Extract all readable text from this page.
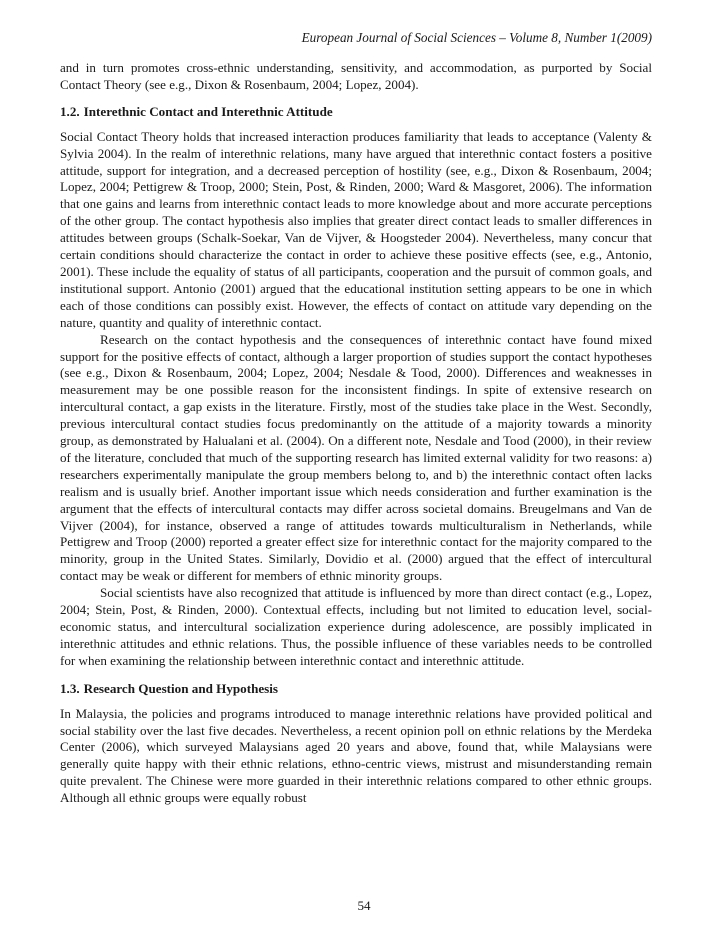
European Journal of Social Sciences – Volume 8, Number 1(2009)

and in turn promotes cross-ethnic understanding, sensitivity, and accommodation, as purported by Social Contact Theory (see e.g., Dixon & Rosenbaum, 2004; Lopez, 2004).

1.2. Interethnic Contact and Interethnic Attitude

Social Contact Theory holds that increased interaction produces familiarity that leads to acceptance (Valenty & Sylvia 2004). In the realm of interethnic relations, many have argued that interethnic contact fosters a positive attitude, support for integration, and a decreased perception of hostility (see, e.g., Dixon & Rosenbaum, 2004; Lopez, 2004; Pettigrew & Troop, 2000; Stein, Post, & Rinden, 2000; Ward & Masgoret, 2006). The information that one gains and learns from interethnic contact leads to more knowledge about and more accurate perceptions of the other group. The contact hypothesis also implies that greater direct contact leads to smaller differences in attitudes between groups (Schalk-Soekar, Van de Vijver, & Hoogsteder 2004). Nevertheless, many concur that certain conditions should characterize the contact in order to achieve these positive effects (see, e.g., Antonio, 2001). These include the equality of status of all participants, cooperation and the pursuit of common goals, and institutional support. Antonio (2001) argued that the educational institution setting appears to be one in which each of those conditions can possibly exist. However, the effects of contact on attitude vary depending on the nature, quantity and quality of interethnic contact.

Research on the contact hypothesis and the consequences of interethnic contact have found mixed support for the positive effects of contact, although a larger proportion of studies support the contact hypotheses (see e.g., Dixon & Rosenbaum, 2004; Lopez, 2004; Nesdale & Tood, 2000). Differences and weaknesses in measurement may be one possible reason for the inconsistent findings. In spite of extensive research on intercultural contact, a gap exists in the literature. Firstly, most of the studies take place in the West. Secondly, previous intercultural contact studies focus predominantly on the attitude of a majority towards a minority group, as demonstrated by Halualani et al. (2004). On a different note, Nesdale and Tood (2000), in their review of the literature, concluded that much of the supporting research has limited external validity for two reasons: a) researchers experimentally manipulate the group members belong to, and b) the interethnic contact often lacks realism and is usually brief. Another important issue which needs consideration and further examination is the argument that the effects of intercultural contacts may differ across societal domains. Breugelmans and Van de Vijver (2004), for instance, observed a range of attitudes towards multiculturalism in Netherlands, while Pettigrew and Troop (2000) reported a greater effect size for interethnic contact for the majority compared to the minority, group in the United States. Similarly, Dovidio et al. (2000) argued that the effect of intercultural contact may be weak or different for members of ethnic minority groups.

Social scientists have also recognized that attitude is influenced by more than direct contact (e.g., Lopez, 2004; Stein, Post, & Rinden, 2000). Contextual effects, including but not limited to education level, social-economic status, and intercultural socialization experience during adolescence, are possibly implicated in interethnic attitudes and ethnic relations. Thus, the possible influence of these variables needs to be controlled for when examining the relationship between interethnic contact and interethnic attitude.

1.3. Research Question and Hypothesis

In Malaysia, the policies and programs introduced to manage interethnic relations have provided political and social stability over the last five decades. Nevertheless, a recent opinion poll on ethnic relations by the Merdeka Center (2006), which surveyed Malaysians aged 20 years and above, found that, while Malaysians were generally quite happy with their ethnic relations, ethno-centric views, mistrust and misunderstanding remain quite prevalent. The Chinese were more guarded in their interethnic relations compared to other ethnic groups. Although all ethnic groups were equally robust

54
